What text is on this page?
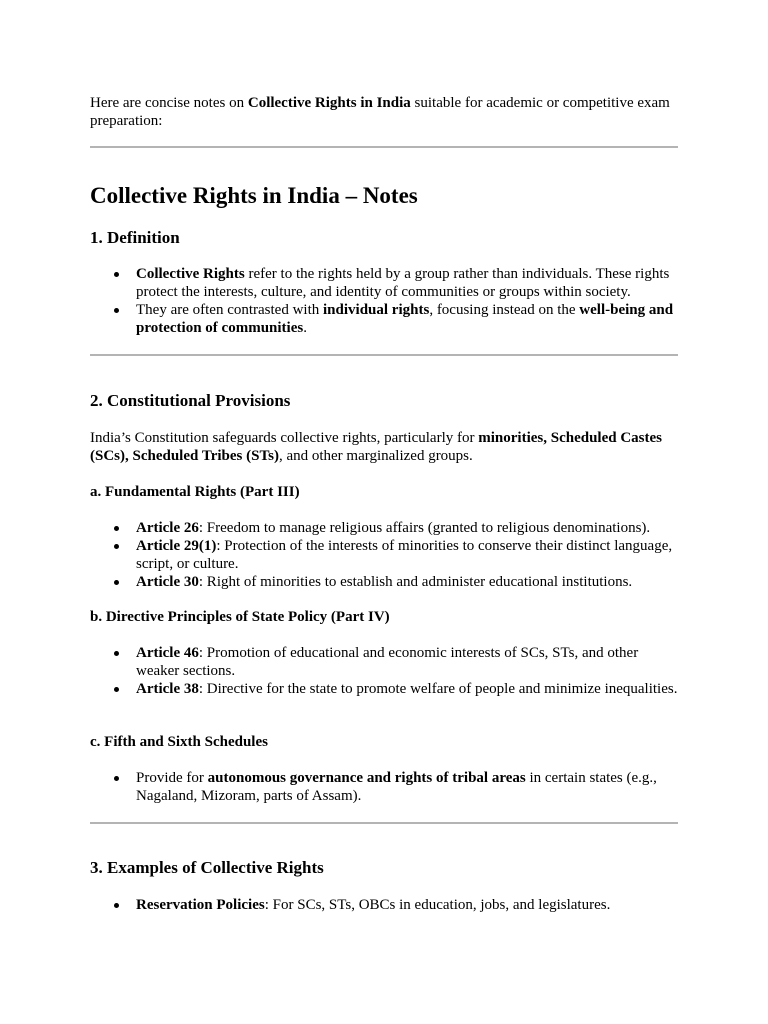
Here are concise notes on Collective Rights in India suitable for academic or competitive exam preparation:

Collective Rights in India – Notes
1. Definition
Collective Rights refer to the rights held by a group rather than individuals. These rights protect the interests, culture, and identity of communities or groups within society.
They are often contrasted with individual rights, focusing instead on the well-being and protection of communities.
2. Constitutional Provisions

India’s Constitution safeguards collective rights, particularly for minorities, Scheduled Castes (SCs), Scheduled Tribes (STs), and other marginalized groups.

a. Fundamental Rights (Part III)
Article 26: Freedom to manage religious affairs (granted to religious denominations).
Article 29(1): Protection of the interests of minorities to conserve their distinct language, script, or culture.
Article 30: Right of minorities to establish and administer educational institutions.
b. Directive Principles of State Policy (Part IV)
Article 46: Promotion of educational and economic interests of SCs, STs, and other weaker sections.
Article 38: Directive for the state to promote welfare of people and minimize inequalities.
c. Fifth and Sixth Schedules
Provide for autonomous governance and rights of tribal areas in certain states (e.g., Nagaland, Mizoram, parts of Assam).
3. Examples of Collective Rights
Reservation Policies: For SCs, STs, OBCs in education, jobs, and legislatures.
